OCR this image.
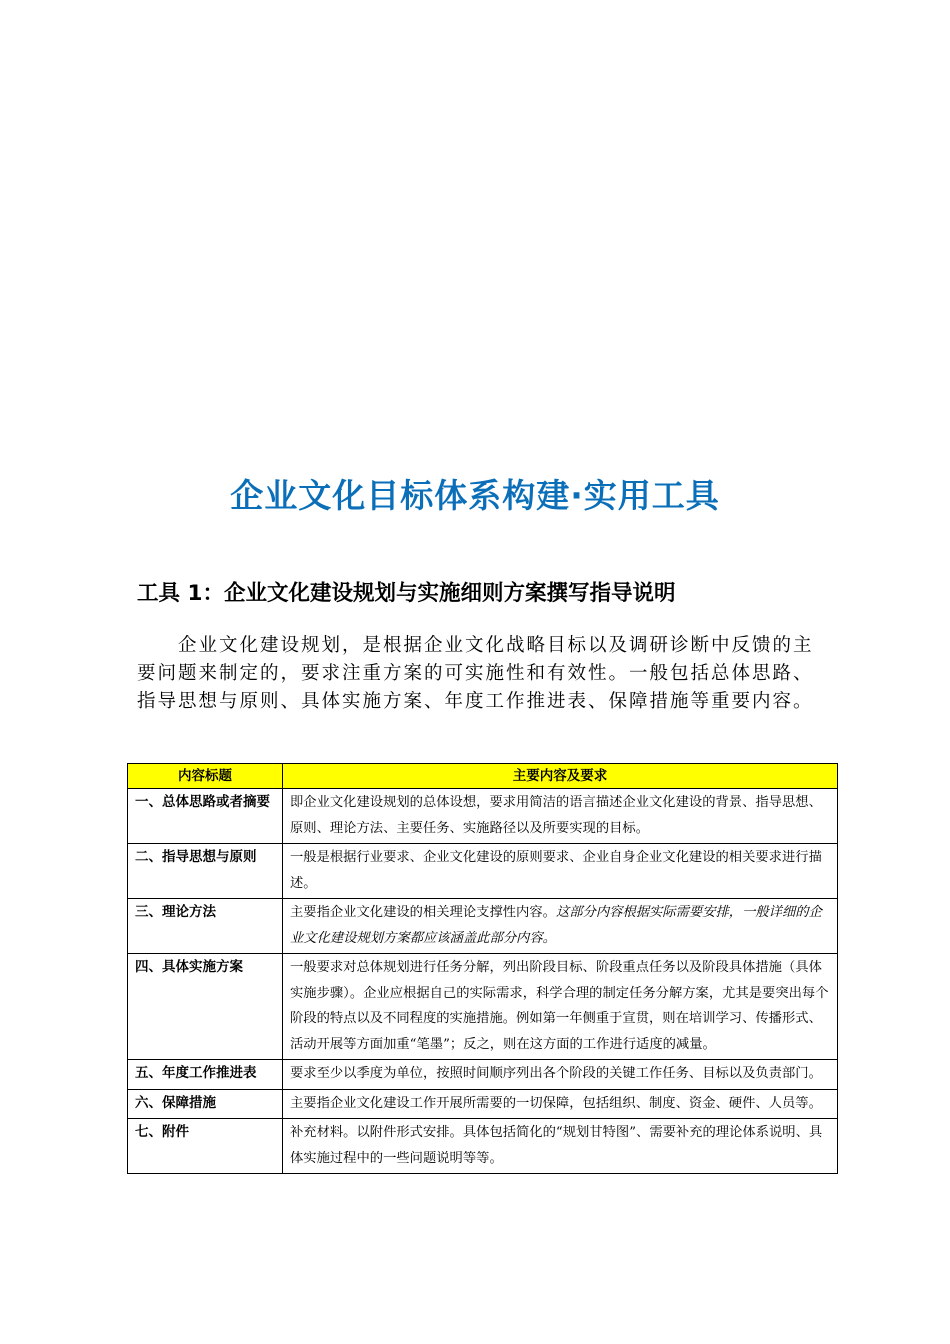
企业文化目标体系构建·实用工具
工具 1：企业文化建设规划与实施细则方案撰写指导说明
企业文化建设规划，是根据企业文化战略目标以及调研诊断中反馈的主要问题来制定的，要求注重方案的可实施性和有效性。一般包括总体思路、指导思想与原则、具体实施方案、年度工作推进表、保障措施等重要内容。
内容标题	主要内容及要求
一、总体思路或者摘要	即企业文化建设规划的总体设想，要求用简洁的语言描述企业文化建设的背景、指导思想、原则、理论方法、主要任务、实施路径以及所要实现的目标。
二、指导思想与原则	一般是根据行业要求、企业文化建设的原则要求、企业自身企业文化建设的相关要求进行描述。
三、理论方法	主要指企业文化建设的相关理论支撑性内容。这部分内容根据实际需要安排，一般详细的企业文化建设规划方案都应该涵盖此部分内容。
四、具体实施方案	一般要求对总体规划进行任务分解，列出阶段目标、阶段重点任务以及阶段具体措施（具体实施步骤）。企业应根据自己的实际需求，科学合理的制定任务分解方案，尤其是要突出每个阶段的特点以及不同程度的实施措施。例如第一年侧重于宣贯，则在培训学习、传播形式、活动开展等方面加重“笔墨”；反之，则在这方面的工作进行适度的减量。
五、年度工作推进表	要求至少以季度为单位，按照时间顺序列出各个阶段的关键工作任务、目标以及负责部门。
六、保障措施	主要指企业文化建设工作开展所需要的一切保障，包括组织、制度、资金、硬件、人员等。
七、附件	补充材料。以附件形式安排。具体包括简化的“规划甘特图”、需要补充的理论体系说明、具体实施过程中的一些问题说明等等。
